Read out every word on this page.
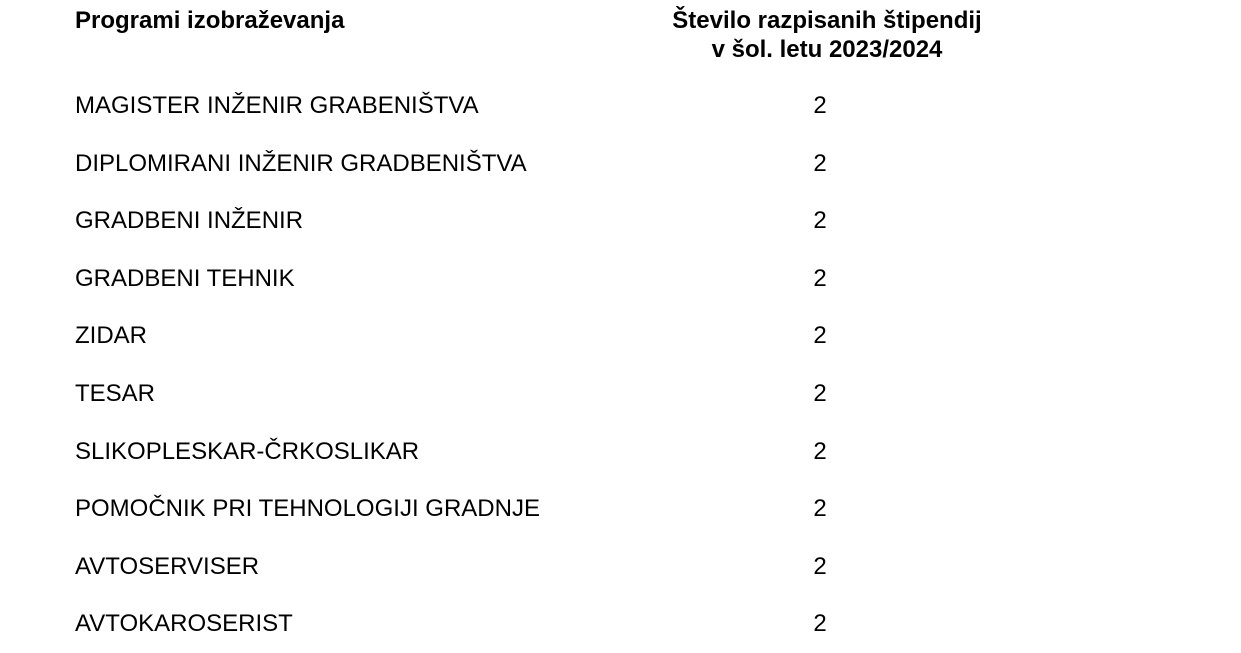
Programi izobraževanja	Število razpisanih štipendij
v šol. letu 2023/2024
MAGISTER INŽENIR GRABENIŠTVA	2
DIPLOMIRANI INŽENIR GRADBENIŠTVA	2
GRADBENI INŽENIR	2
GRADBENI TEHNIK	2
ZIDAR	2
TESAR	2
SLIKOPLESKAR-ČRKOSLIKAR	2
POMOČNIK PRI TEHNOLOGIJI GRADNJE	2
AVTOSERVISER	2
AVTOKAROSERIST	2
